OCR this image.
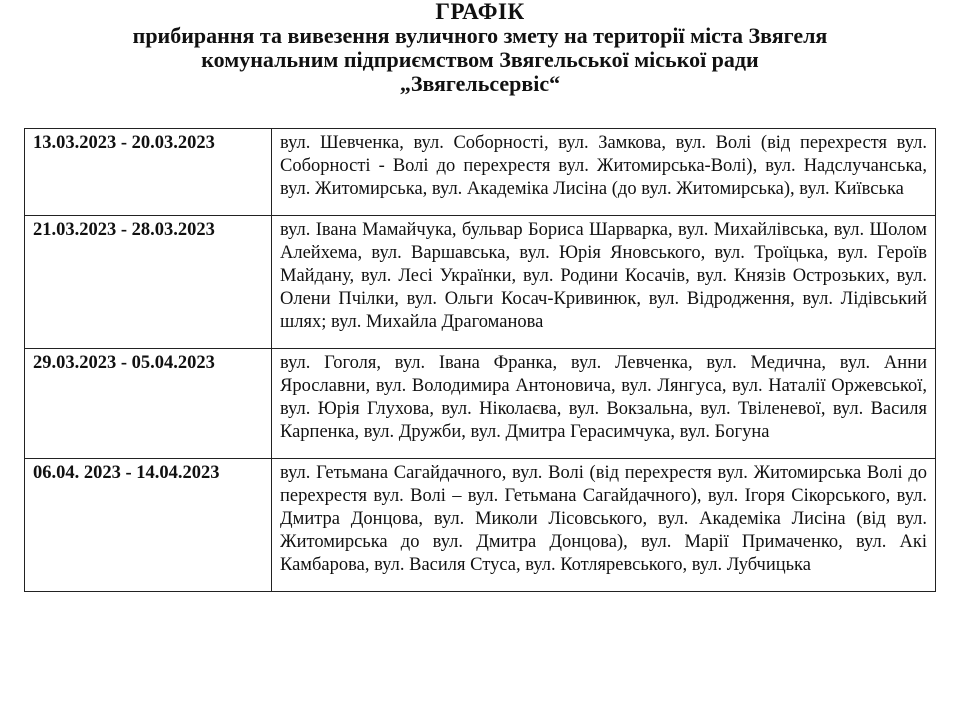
ГРАФІК
прибирання та вивезення вуличного змету на території міста Звягеля
комунальним підприємством Звягельської міської ради
„Звягельсервіс“
13.03.2023 - 20.03.2023	вул. Шевченка, вул. Соборності, вул. Замкова, вул. Волі (від перехрестя вул. Соборності - Волі до перехрестя вул. Житомирська-Волі), вул. Надслучанська, вул. Житомирська, вул. Академіка Лисіна (до вул. Житомирська), вул. Київська
21.03.2023 - 28.03.2023	вул. Івана Мамайчука, бульвар Бориса Шарварка, вул. Михайлівська, вул. Шолом Алейхема, вул. Варшавська, вул. Юрія Яновського, вул. Троїцька, вул. Героїв Майдану, вул. Лесі Українки, вул. Родини Косачів, вул. Князів Острозьких, вул. Олени Пчілки, вул. Ольги Косач-Кривинюк, вул. Відродження, вул. Лідівський шлях; вул. Михайла Драгоманова
29.03.2023 - 05.04.2023	вул. Гоголя, вул. Івана Франка, вул. Левченка, вул. Медична, вул. Анни Ярославни, вул. Володимира Антоновича, вул. Лянгуса, вул. Наталії Оржевської, вул. Юрія Глухова, вул. Ніколаєва, вул. Вокзальна, вул. Твіленевої, вул. Василя Карпенка, вул. Дружби, вул. Дмитра Герасимчука, вул. Богуна
06.04. 2023 - 14.04.2023	вул. Гетьмана Сагайдачного, вул. Волі (від перехрестя вул. Житомирська Волі до перехрестя вул. Волі – вул. Гетьмана Сагайдачного), вул. Ігоря Сікорського, вул. Дмитра Донцова, вул. Миколи Лісовського, вул. Академіка Лисіна (від вул. Житомирська до вул. Дмитра Донцова), вул. Марії Примаченко, вул. Акі Камбарова, вул. Василя Стуса, вул. Котляревського, вул. Лубчицька
